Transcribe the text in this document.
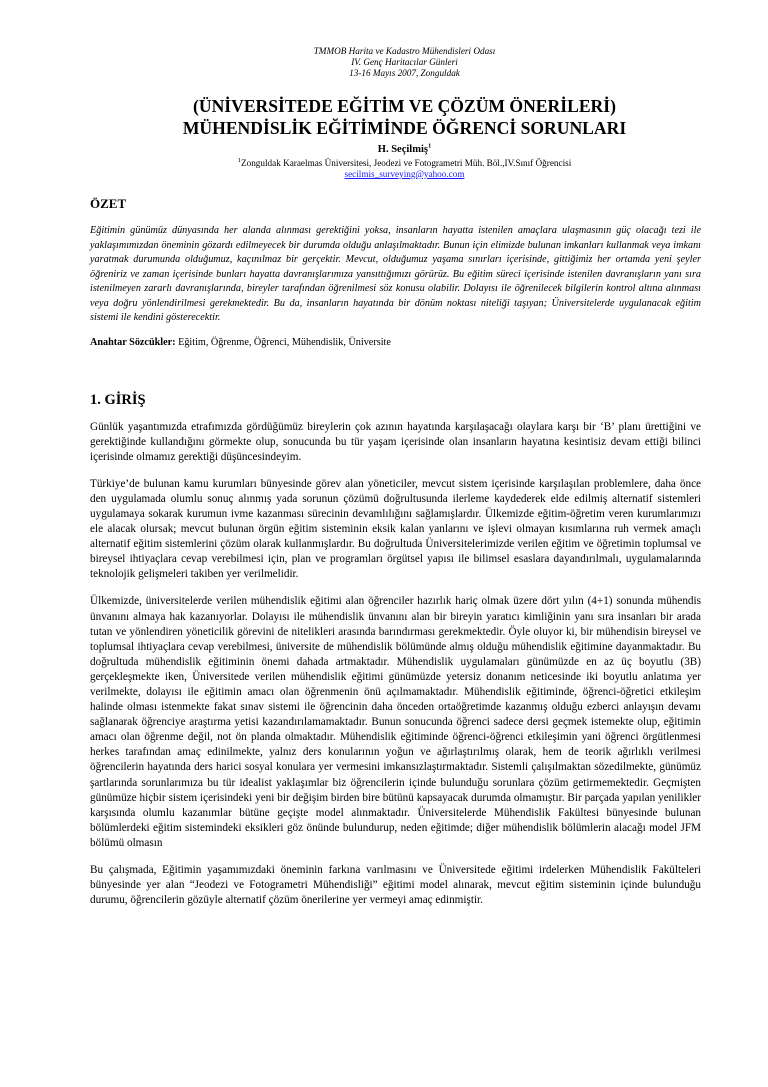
TMMOB Harita ve Kadastro Mühendisleri Odası
IV. Genç Haritacılar Günleri
13-16 Mayıs 2007, Zonguldak
(ÜNİVERSİTEDE EĞİTİM VE ÇÖZÜM ÖNERİLERİ)
MÜHENDİSLİK EĞİTİMİNDE ÖĞRENCİ SORUNLARI
H. Seçilmiş$^1$
$^1$Zonguldak Karaelmas Üniversitesi, Jeodezi ve Fotogrametri Müh. Böl.,IV.Sınıf Öğrencisi
secilmis_surveying@yahoo.com
ÖZET
Eğitimin günümüz dünyasında her alanda alınması gerektiğini yoksa, insanların hayatta istenilen amaçlara ulaşmasının güç olacağı tezi ile yaklaşımımızdan öneminin gözardı edilmeyecek bir durumda olduğu anlaşılmaktadır. Bunun için elimizde bulunan imkanları kullanmak veya imkanı yaratmak durumunda olduğumuz, kaçınılmaz bir gerçektir. Mevcut, olduğumuz yaşama sınırları içerisinde, gittiğimiz her ortamda yeni şeyler öğreniriz ve zaman içerisinde bunları hayatta davranışlarımıza yansıttığımızı görürüz. Bu eğitim süreci içerisinde istenilen davranışların yanı sıra istenilmeyen zararlı davranışlarında, bireyler tarafından öğrenilmesi söz konusu olabilir. Dolayısı ile öğrenilecek bilgilerin kontrol altına alınması veya doğru yönlendirilmesi gerekmektedir. Bu da, insanların hayatında bir dönüm noktası niteliği taşıyan; Üniversitelerde uygulanacak eğitim sistemi ile kendini gösterecektir.
Anahtar Sözcükler: Eğitim, Öğrenme, Öğrenci, Mühendislik, Üniversite
1. GİRİŞ
Günlük yaşantımızda etrafımızda gördüğümüz bireylerin çok azının hayatında karşılaşacağı olaylara karşı bir ‘B’ planı ürettiğini ve gerektiğinde kullandığını görmekte olup, sonucunda bu tür yaşam içerisinde olan insanların hayatına kesintisiz devam ettiği bilinci içerisinde olmamız gerektiği düşüncesindeyim.
Türkiye’de bulunan kamu kurumları bünyesinde görev alan yöneticiler, mevcut sistem içerisinde karşılaşılan problemlere, daha önce den uygulamada olumlu sonuç alınmış yada sorunun çözümü doğrultusunda ilerleme kaydederek elde edilmiş alternatif sistemleri uygulamaya sokarak kurumun ivme kazanması sürecinin devamlılığını sağlamışlardır. Ülkemizde eğitim-öğretim veren kurumlarımızı ele alacak olursak; mevcut bulunan örgün eğitim sisteminin eksik kalan yanlarını ve işlevi olmayan kısımlarına ruh vermek amaçlı alternatif eğitim sistemlerini çözüm olarak kullanmışlardır. Bu doğrultuda Üniversitelerimizde verilen eğitim ve öğretimin toplumsal ve bireysel ihtiyaçlara cevap verebilmesi için, plan ve programları örgütsel yapısı ile bilimsel esaslara dayandırılmalı, uygulamalarında teknolojik gelişmeleri takiben yer verilmelidir.
Ülkemizde, üniversitelerde verilen mühendislik eğitimi alan öğrenciler hazırlık hariç olmak üzere dört yılın (4+1) sonunda mühendis ünvanını almaya hak kazanıyorlar. Dolayısı ile mühendislik ünvanını alan bir bireyin yaratıcı kimliğinin yanı sıra insanları bir arada tutan ve yönlendiren yöneticilik görevini de nitelikleri arasında barındırması gerekmektedir. Öyle oluyor ki, bir mühendisin bireysel ve toplumsal ihtiyaçlara cevap verebilmesi, üniversite de mühendislik bölümünde almış olduğu mühendislik eğitimine dayanmaktadır. Bu doğrultuda mühendislik eğitiminin önemi dahada artmaktadır. Mühendislik uygulamaları günümüzde en az üç boyutlu (3B) gerçekleşmekte iken, Üniversitede verilen mühendislik eğitimi günümüzde yetersiz donanım neticesinde iki boyutlu anlatıma yer verilmekte, dolayısı ile eğitimin amacı olan öğrenmenin önü açılmamaktadır. Mühendislik eğitiminde, öğrenci-öğretici etkileşim halinde olması istenmekte fakat sınav sistemi ile öğrencinin daha önceden ortaöğretimde kazanmış olduğu ezberci anlayışın devamı sağlanarak öğrenciye araştırma yetisi kazandırılamamaktadır. Bunun sonucunda öğrenci sadece dersi geçmek istemekte olup, eğitimin amacı olan öğrenme değil, not ön planda olmaktadır. Mühendislik eğitiminde öğrenci-öğrenci etkileşimin yani öğrenci örgütlenmesi herkes tarafından amaç edinilmekte, yalnız ders konularının yoğun ve ağırlaştırılmış olarak, hem de teorik ağırlıklı verilmesi öğrencilerin hayatında ders harici sosyal konulara yer vermesini imkansızlaştırmaktadır. Sistemli çalışılmaktan sözedilmekte, günümüz şartlarında sorunlarımıza bu tür idealist yaklaşımlar biz öğrencilerin içinde bulunduğu sorunlara çözüm getirmemektedir. Geçmişten günümüze hiçbir sistem içerisindeki yeni bir değişim birden bire bütünü kapsayacak durumda olmamıştır. Bir parçada yapılan yenilikler karşısında olumlu kazanımlar bütüne geçişte model alınmaktadır. Üniversitelerde Mühendislik Fakültesi bünyesinde bulunan bölümlerdeki eğitim sistemindeki eksikleri göz önünde bulundurup, neden eğitimde; diğer mühendislik bölümlerin alacağı model JFM bölümü olmasın
Bu çalışmada, Eğitimin yaşamımızdaki öneminin farkına varılmasını ve Üniversitede eğitimi irdelerken Mühendislik Fakülteleri bünyesinde yer alan “Jeodezi ve Fotogrametri Mühendisliği” eğitimi model alınarak, mevcut eğitim sisteminin içinde bulunduğu durumu, öğrencilerin gözüyle alternatif çözüm önerilerine yer vermeyi amaç edinmiştir.
